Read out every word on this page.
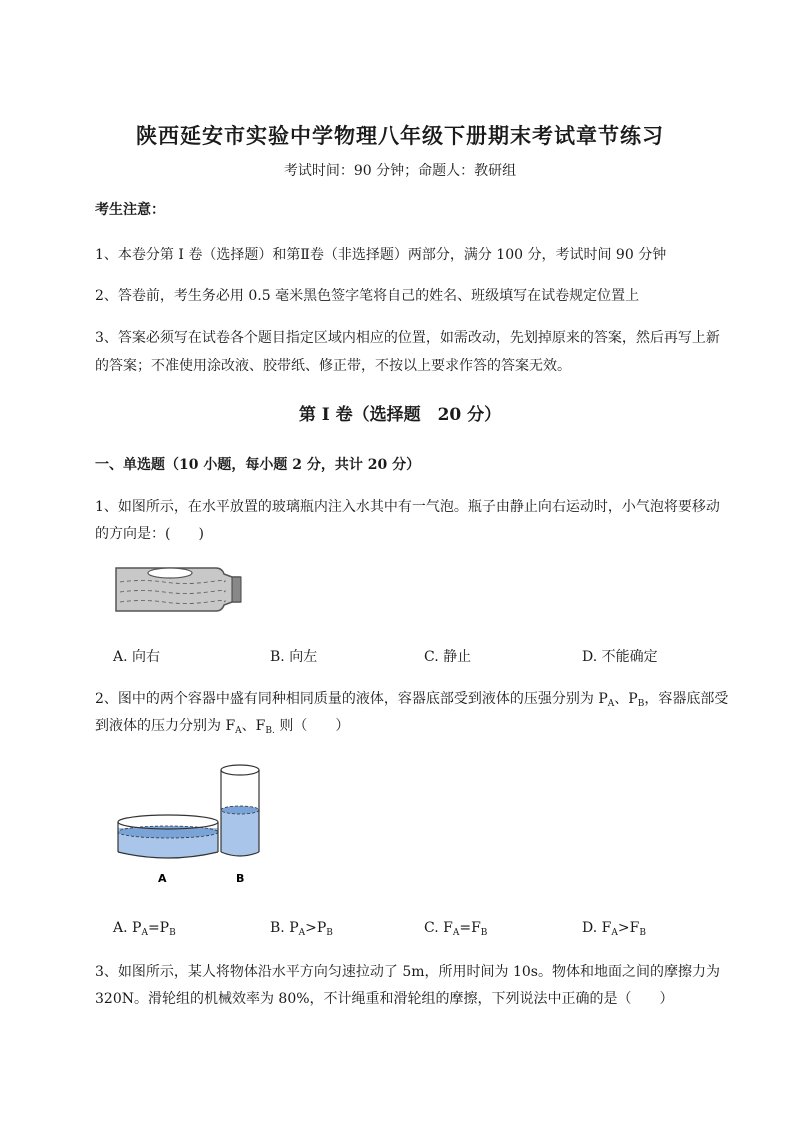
陕西延安市实验中学物理八年级下册期末考试章节练习
考试时间：90 分钟；命题人：教研组
考生注意：
1、本卷分第 I 卷（选择题）和第Ⅱ卷（非选择题）两部分，满分 100 分，考试时间 90 分钟
2、答卷前，考生务必用 0.5 毫米黑色签字笔将自己的姓名、班级填写在试卷规定位置上
3、答案必须写在试卷各个题目指定区域内相应的位置，如需改动，先划掉原来的答案，然后再写上新
的答案；不准使用涂改液、胶带纸、修正带，不按以上要求作答的答案无效。
第 I 卷（选择题　20 分）
一、单选题（10 小题，每小题 2 分，共计 20 分）
1、如图所示，在水平放置的玻璃瓶内注入水其中有一气泡。瓶子由静止向右运动时，小气泡将要移动
的方向是：(　　)
A. 向右	B. 向左	C. 静止	D. 不能确定
2、图中的两个容器中盛有同种相同质量的液体，容器底部受到液体的压强分别为 $P_A$、$P_B$，容器底部受
到液体的压力分别为 $F_A$、$F_{B.}$ 则（　　）
A	B
A. $P_A=P_B$	B. $P_A>P_B$	C. $F_A=F_B$	D. $F_A>F_B$
3、如图所示，某人将物体沿水平方向匀速拉动了 5m，所用时间为 10s。物体和地面之间的摩擦力为
320N。滑轮组的机械效率为 80%，不计绳重和滑轮组的摩擦，下列说法中正确的是（　　）
